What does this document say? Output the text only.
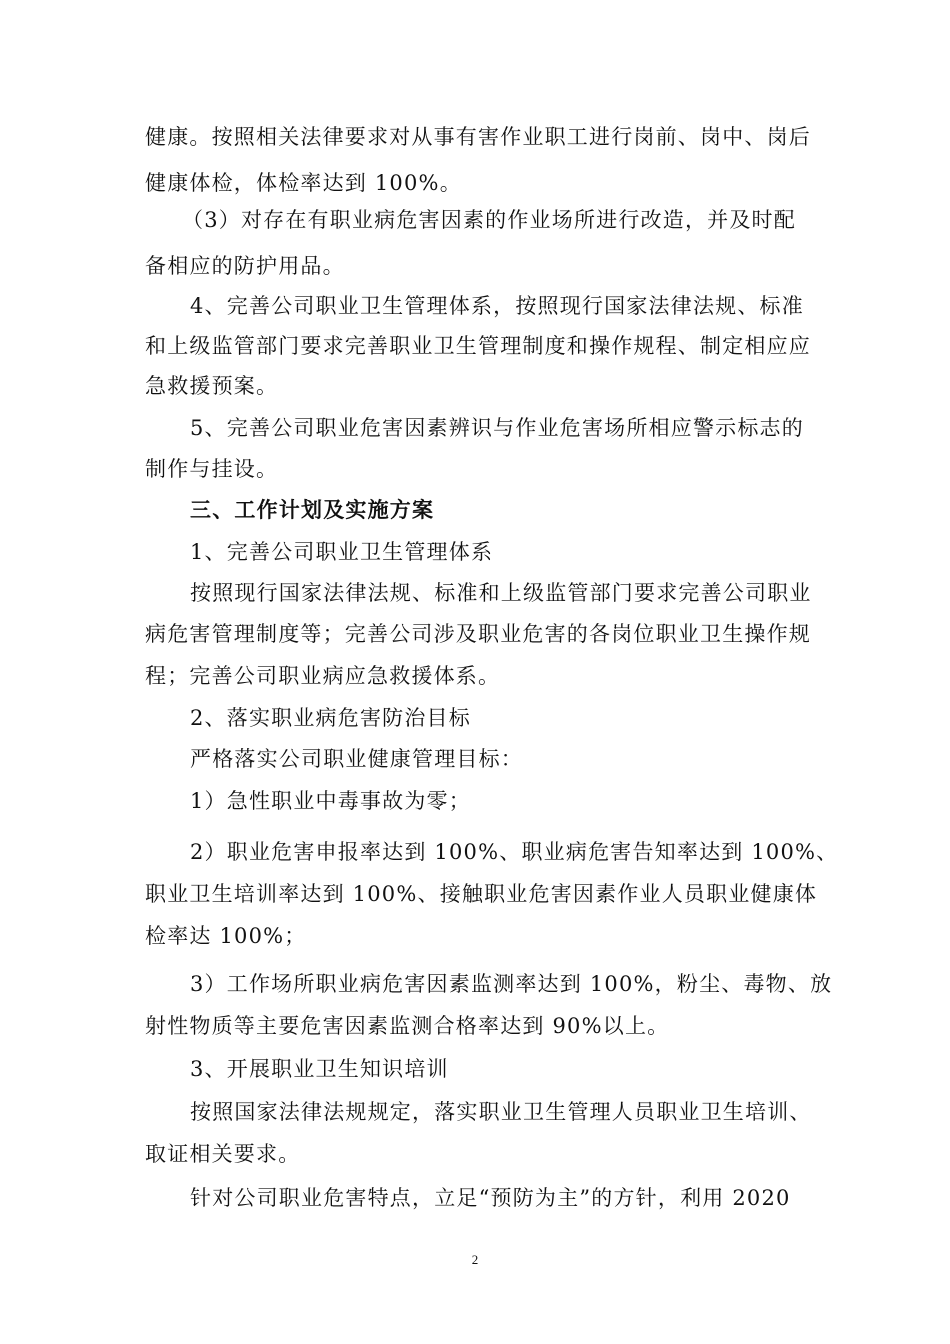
健康。按照相关法律要求对从事有害作业职工进行岗前、岗中、岗后
健康体检，体检率达到 100%。
（3）对存在有职业病危害因素的作业场所进行改造，并及时配
备相应的防护用品。
4、完善公司职业卫生管理体系，按照现行国家法律法规、标准
和上级监管部门要求完善职业卫生管理制度和操作规程、制定相应应
急救援预案。
5、完善公司职业危害因素辨识与作业危害场所相应警示标志的
制作与挂设。
三、工作计划及实施方案
1、完善公司职业卫生管理体系
按照现行国家法律法规、标准和上级监管部门要求完善公司职业
病危害管理制度等；完善公司涉及职业危害的各岗位职业卫生操作规
程；完善公司职业病应急救援体系。
2、落实职业病危害防治目标
严格落实公司职业健康管理目标：
1）急性职业中毒事故为零；
2）职业危害申报率达到 100%、职业病危害告知率达到 100%、
职业卫生培训率达到 100%、接触职业危害因素作业人员职业健康体
检率达 100%；
3）工作场所职业病危害因素监测率达到 100%，粉尘、毒物、放
射性物质等主要危害因素监测合格率达到 90%以上。
3、开展职业卫生知识培训
按照国家法律法规规定，落实职业卫生管理人员职业卫生培训、
取证相关要求。
针对公司职业危害特点，立足“预防为主”的方针，利用 2020
2
